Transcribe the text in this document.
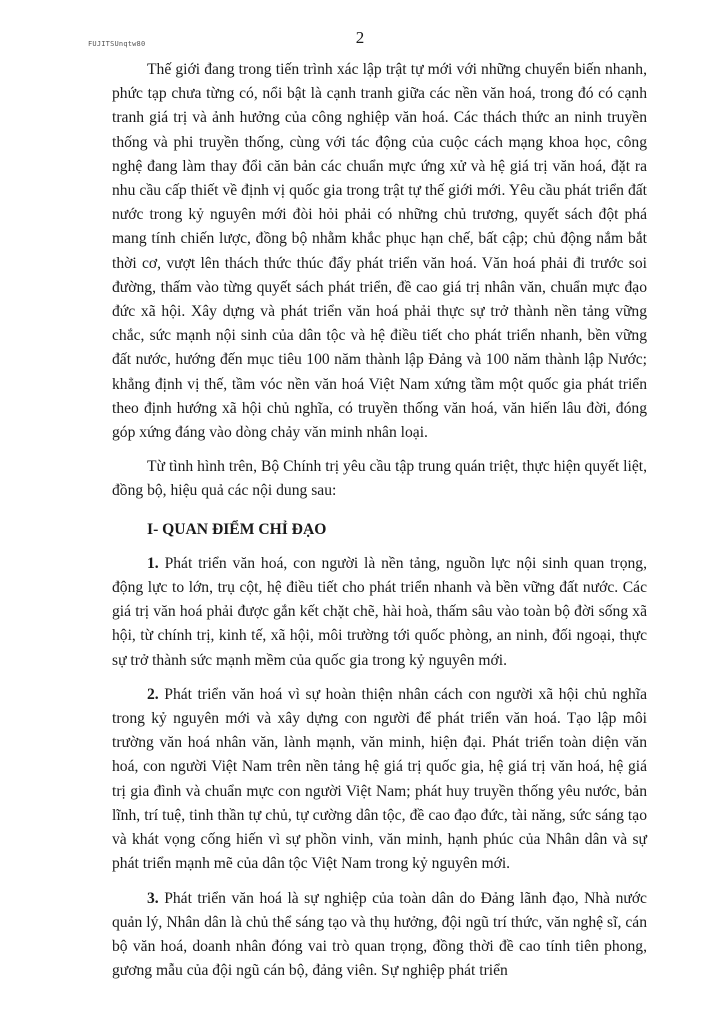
FUJITSUnqtw80	2

Thế giới đang trong tiến trình xác lập trật tự mới với những chuyển biến nhanh, phức tạp chưa từng có, nổi bật là cạnh tranh giữa các nền văn hoá, trong đó có cạnh tranh giá trị và ảnh hưởng của công nghiệp văn hoá. Các thách thức an ninh truyền thống và phi truyền thống, cùng với tác động của cuộc cách mạng khoa học, công nghệ đang làm thay đổi căn bản các chuẩn mực ứng xử và hệ giá trị văn hoá, đặt ra nhu cầu cấp thiết về định vị quốc gia trong trật tự thế giới mới. Yêu cầu phát triển đất nước trong kỷ nguyên mới đòi hỏi phải có những chủ trương, quyết sách đột phá mang tính chiến lược, đồng bộ nhằm khắc phục hạn chế, bất cập; chủ động nắm bắt thời cơ, vượt lên thách thức thúc đẩy phát triển văn hoá. Văn hoá phải đi trước soi đường, thấm vào từng quyết sách phát triển, đề cao giá trị nhân văn, chuẩn mực đạo đức xã hội. Xây dựng và phát triển văn hoá phải thực sự trở thành nền tảng vững chắc, sức mạnh nội sinh của dân tộc và hệ điều tiết cho phát triển nhanh, bền vững đất nước, hướng đến mục tiêu 100 năm thành lập Đảng và 100 năm thành lập Nước; khẳng định vị thế, tầm vóc nền văn hoá Việt Nam xứng tầm một quốc gia phát triển theo định hướng xã hội chủ nghĩa, có truyền thống văn hoá, văn hiến lâu đời, đóng góp xứng đáng vào dòng chảy văn minh nhân loại.

Từ tình hình trên, Bộ Chính trị yêu cầu tập trung quán triệt, thực hiện quyết liệt, đồng bộ, hiệu quả các nội dung sau:

I- QUAN ĐIỂM CHỈ ĐẠO

1. Phát triển văn hoá, con người là nền tảng, nguồn lực nội sinh quan trọng, động lực to lớn, trụ cột, hệ điều tiết cho phát triển nhanh và bền vững đất nước. Các giá trị văn hoá phải được gắn kết chặt chẽ, hài hoà, thấm sâu vào toàn bộ đời sống xã hội, từ chính trị, kinh tế, xã hội, môi trường tới quốc phòng, an ninh, đối ngoại, thực sự trở thành sức mạnh mềm của quốc gia trong kỷ nguyên mới.

2. Phát triển văn hoá vì sự hoàn thiện nhân cách con người xã hội chủ nghĩa trong kỷ nguyên mới và xây dựng con người để phát triển văn hoá. Tạo lập môi trường văn hoá nhân văn, lành mạnh, văn minh, hiện đại. Phát triển toàn diện văn hoá, con người Việt Nam trên nền tảng hệ giá trị quốc gia, hệ giá trị văn hoá, hệ giá trị gia đình và chuẩn mực con người Việt Nam; phát huy truyền thống yêu nước, bản lĩnh, trí tuệ, tinh thần tự chủ, tự cường dân tộc, đề cao đạo đức, tài năng, sức sáng tạo và khát vọng cống hiến vì sự phồn vinh, văn minh, hạnh phúc của Nhân dân và sự phát triển mạnh mẽ của dân tộc Việt Nam trong kỷ nguyên mới.

3. Phát triển văn hoá là sự nghiệp của toàn dân do Đảng lãnh đạo, Nhà nước quản lý, Nhân dân là chủ thể sáng tạo và thụ hưởng, đội ngũ trí thức, văn nghệ sĩ, cán bộ văn hoá, doanh nhân đóng vai trò quan trọng, đồng thời đề cao tính tiên phong, gương mẫu của đội ngũ cán bộ, đảng viên. Sự nghiệp phát triển
